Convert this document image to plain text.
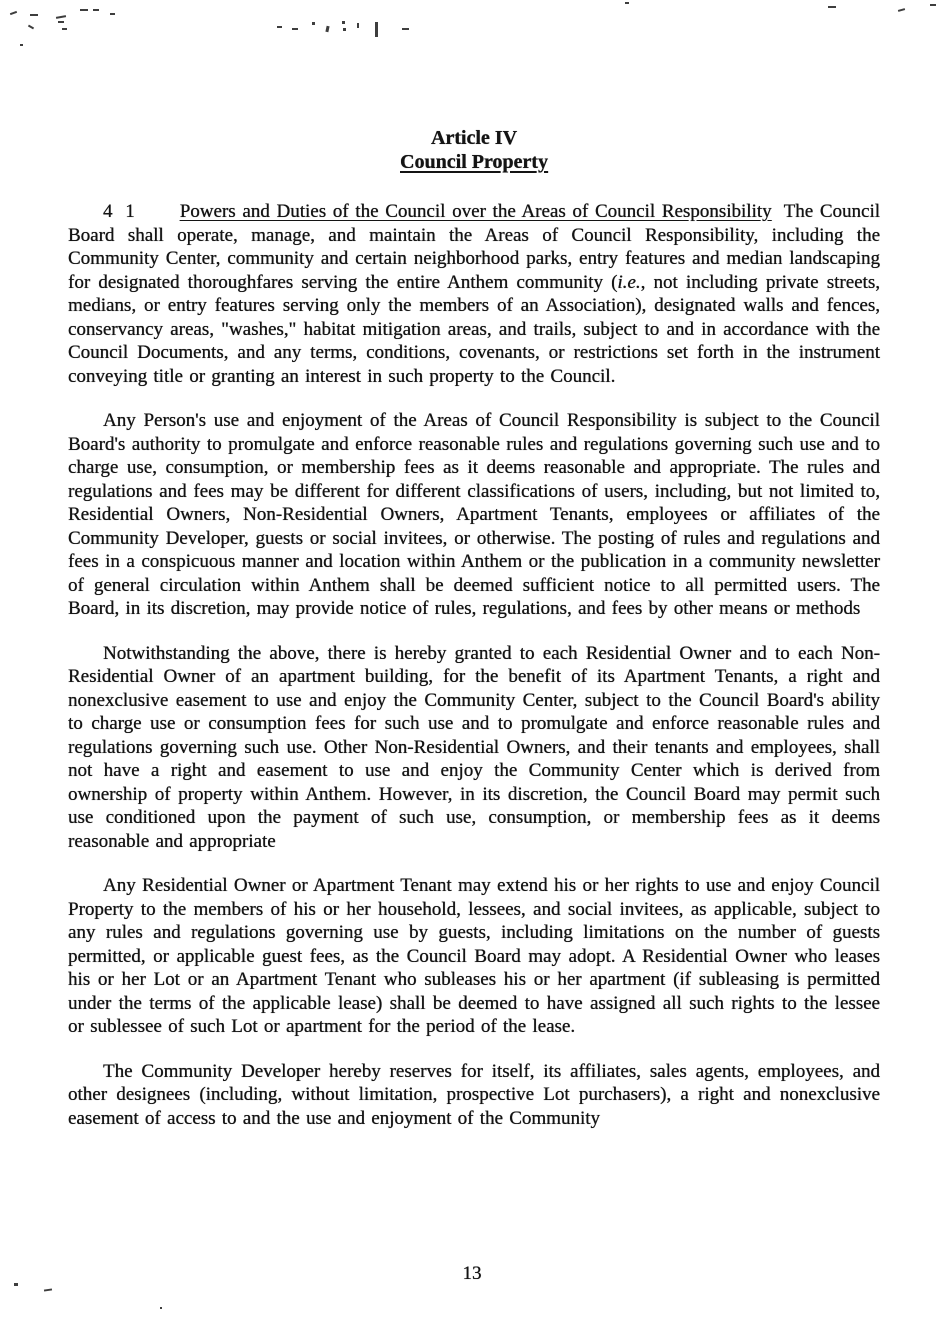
Article IV
Council Property

4 1 Powers and Duties of the Council over the Areas of Council Responsibility The Council Board shall operate, manage, and maintain the Areas of Council Responsibility, including the Community Center, community and certain neighborhood parks, entry features and median landscaping for designated thoroughfares serving the entire Anthem community (i.e., not including private streets, medians, or entry features serving only the members of an Association), designated walls and fences, conservancy areas, "washes," habitat mitigation areas, and trails, subject to and in accordance with the Council Documents, and any terms, conditions, covenants, or restrictions set forth in the instrument conveying title or granting an interest in such property to the Council.

Any Person's use and enjoyment of the Areas of Council Responsibility is subject to the Council Board's authority to promulgate and enforce reasonable rules and regulations governing such use and to charge use, consumption, or membership fees as it deems reasonable and appropriate. The rules and regulations and fees may be different for different classifications of users, including, but not limited to, Residential Owners, Non-Residential Owners, Apartment Tenants, employees or affiliates of the Community Developer, guests or social invitees, or otherwise. The posting of rules and regulations and fees in a conspicuous manner and location within Anthem or the publication in a community newsletter of general circulation within Anthem shall be deemed sufficient notice to all permitted users. The Board, in its discretion, may provide notice of rules, regulations, and fees by other means or methods

Notwithstanding the above, there is hereby granted to each Residential Owner and to each Non-Residential Owner of an apartment building, for the benefit of its Apartment Tenants, a right and nonexclusive easement to use and enjoy the Community Center, subject to the Council Board's ability to charge use or consumption fees for such use and to promulgate and enforce reasonable rules and regulations governing such use. Other Non-Residential Owners, and their tenants and employees, shall not have a right and easement to use and enjoy the Community Center which is derived from ownership of property within Anthem. However, in its discretion, the Council Board may permit such use conditioned upon the payment of such use, consumption, or membership fees as it deems reasonable and appropriate

Any Residential Owner or Apartment Tenant may extend his or her rights to use and enjoy Council Property to the members of his or her household, lessees, and social invitees, as applicable, subject to any rules and regulations governing use by guests, including limitations on the number of guests permitted, or applicable guest fees, as the Council Board may adopt. A Residential Owner who leases his or her Lot or an Apartment Tenant who subleases his or her apartment (if subleasing is permitted under the terms of the applicable lease) shall be deemed to have assigned all such rights to the lessee or sublessee of such Lot or apartment for the period of the lease.

The Community Developer hereby reserves for itself, its affiliates, sales agents, employees, and other designees (including, without limitation, prospective Lot purchasers), a right and nonexclusive easement of access to and the use and enjoyment of the Community

13
